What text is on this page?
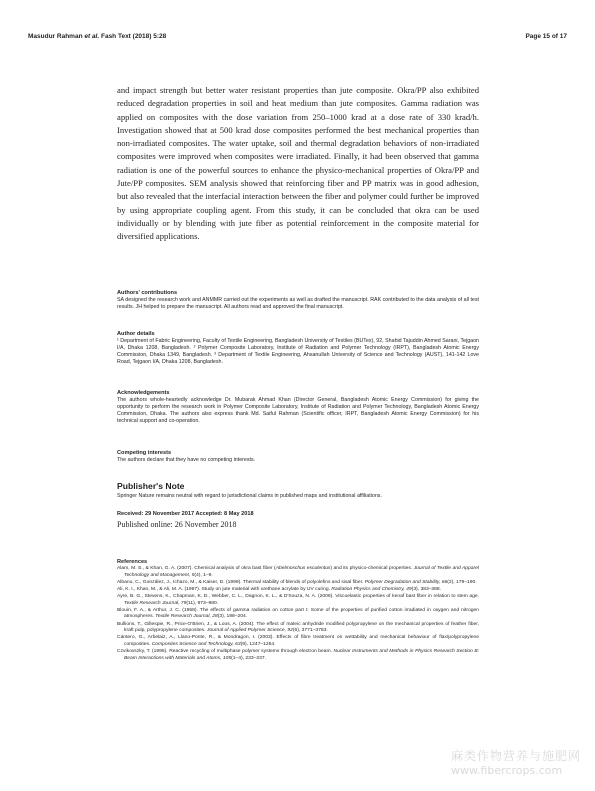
Masudur Rahman et al. Fash Text (2018) 5:28	Page 15 of 17

and impact strength but better water resistant properties than jute composite. Okra/PP also exhibited reduced degradation properties in soil and heat medium than jute composites. Gamma radiation was applied on composites with the dose variation from 250–1000 krad at a dose rate of 330 krad/h. Investigation showed that at 500 krad dose composites performed the best mechanical properties than non-irradiated composites. The water uptake, soil and thermal degradation behaviors of non-irradiated composites were improved when composites were irradiated. Finally, it had been observed that gamma radiation is one of the powerful sources to enhance the physico-mechanical properties of Okra/PP and Jute/PP composites. SEM analysis showed that reinforcing fiber and PP matrix was in good adhesion, but also revealed that the interfacial interaction between the fiber and polymer could further be improved by using appropriate coupling agent. From this study, it can be concluded that okra can be used individually or by blending with jute fiber as potential reinforcement in the composite material for diversified applications.

Authors' contributions

SA designed the research work and ANMMR carried out the experiments as well as drafted the manuscript. RAK contributed to the data analysis of all test results. JH helped to prepare the manuscript. All authors read and approved the final manuscript.

Author details

¹ Department of Fabric Engineering, Faculty of Textile Engineering, Bangladesh University of Textiles (BUTex), 92, Shahid Tajuddin Ahmed Sarani, Tejgaon I/A, Dhaka 1208, Bangladesh. ² Polymer Composite Laboratory, Institute of Radiation and Polymer Technology (IRPT), Bangladesh Atomic Energy Commission, Dhaka 1349, Bangladesh. ³ Department of Textile Engineering, Ahsanullah University of Science and Technology (AUST), 141-142 Love Road, Tejgaon I/A, Dhaka 1208, Bangladesh.

Acknowledgements

The authors whole-heartedly acknowledge Dr. Mubarak Ahmad Khan (Director General, Bangladesh Atomic Energy Commission) for giving the opportunity to perform the research work in Polymer Composite Laboratory, Institute of Radiation and Polymer Technology, Bangladesh Atomic Energy Commission, Dhaka. The authors also express thank Md. Saiful Rahman (Scientific officer, IRPT, Bangladesh Atomic Energy Commission) for his technical support and co-operation.

Competing interests

The authors declare that they have no competing interests.

Publisher's Note

Springer Nature remains neutral with regard to jurisdictional claims in published maps and institutional affiliations.

Received: 29 November 2017 Accepted: 8 May 2018

Published online: 26 November 2018

References

Alam, M. S., & Khan, G. A. (2007). Chemical analysis of okra bast fiber (Abelmoschus esculentus) and its physico-chemical properties. Journal of Textile and Apparel Technology and Management, 5(4), 1–9.

Albano, C., González, J., Ichazo, M., & Kaiser, D. (1999). Thermal stability of blends of polyolefins and sisal fiber. Polymer Degradation and Stability, 66(2), 179–190.

Ali, K. I., Khan, M., & Ali, M. A. (1997). Study on jute material with urethane acrylate by UV curing. Radiation Physics and Chemistry, 49(3), 383–388.

Ayre, B. G., Stevens, K., Chapman, K. D., Webber, C. L., Dagnon, K. L., & D'Souza, N. A. (2009). Viscoelastic properties of kenaf bast fiber in relation to stem age. Textile Research Journal, 79(11), 973–980.

Blouin, F. A., & Arthur, J. C. (1958). The effects of gamma radiation on cotton part I: Some of the properties of purified cotton irradiated in oxygen and nitrogen atmospheres. Textile Research Journal, 28(3), 198–204.

Bullions, T., Gillespie, R., Price-O'Brien, J., & Loos, A. (2004). The effect of maleic anhydride modified polypropylene on the mechanical properties of feather fiber, kraft pulp, polypropylene composites. Journal of Applied Polymer Science, 92(6), 3771–3783.

Cantero, G., Arbelaiz, A., Llano-Ponte, R., & Mondragon, I. (2003). Effects of fibre treatment on wettability and mechanical behaviour of flax/polypropylene composites. Composites Science and Technology, 63(9), 1247–1254.

Czvikovszky, T. (1995). Reactive recycling of multiphase polymer systems through electron beam. Nuclear Instruments and Methods in Physics Research Section B: Beam Interactions with Materials and Atoms, 105(1–4), 233–237.

麻类作物营养与施肥网
www.fibercrops.com
